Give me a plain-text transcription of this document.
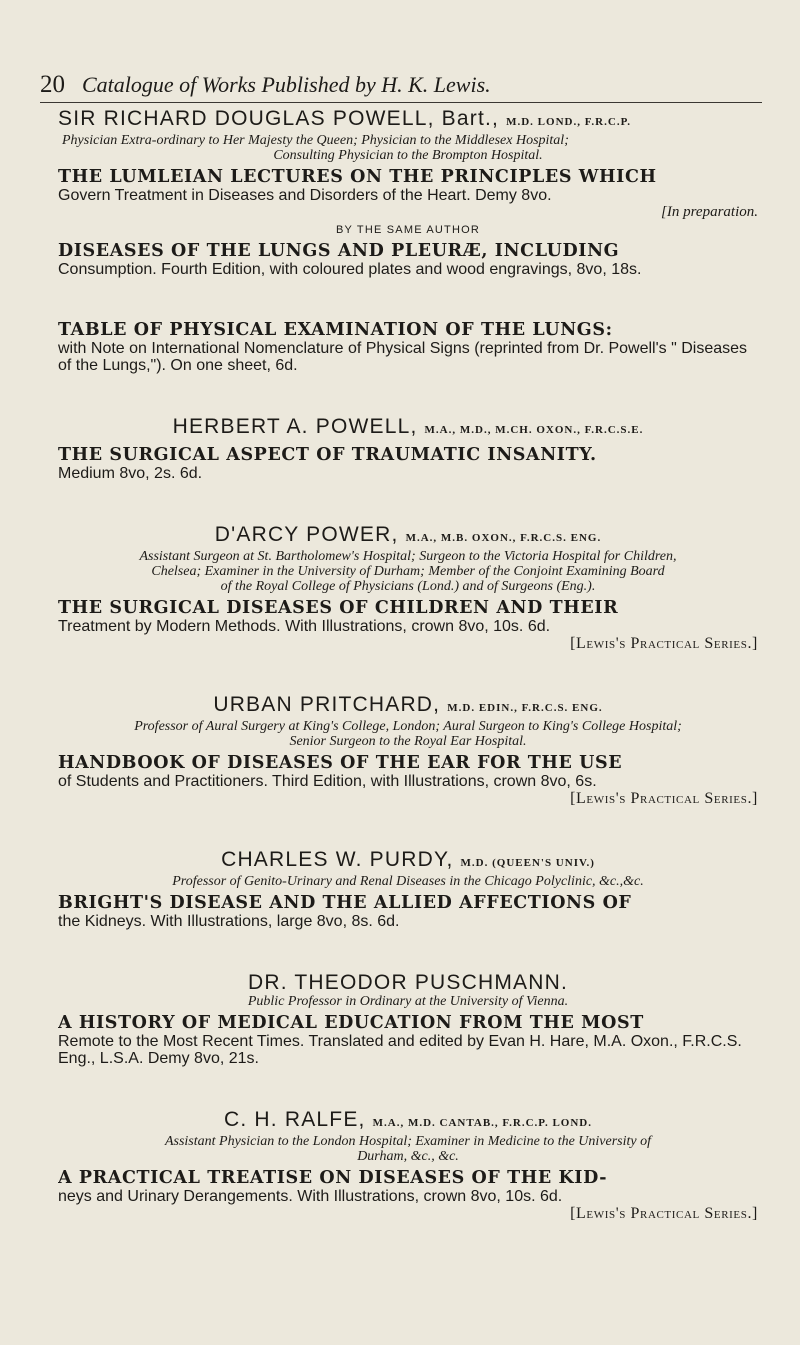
20 Catalogue of Works Published by H. K. Lewis.
SIR RICHARD DOUGLAS POWELL, Bart., M.D. LOND., F.R.C.P.
Physician Extra-ordinary to Her Majesty the Queen; Physician to the Middlesex Hospital;
Consulting Physician to the Brompton Hospital.
THE LUMLEIAN LECTURES ON THE PRINCIPLES WHICH
Govern Treatment in Diseases and Disorders of the Heart. Demy 8vo.
[In preparation.
BY THE SAME AUTHOR
DISEASES OF THE LUNGS AND PLEURÆ, INCLUDING
Consumption. Fourth Edition, with coloured plates and wood engravings, 8vo, 18s.
TABLE OF PHYSICAL EXAMINATION OF THE LUNGS:
with Note on International Nomenclature of Physical Signs (reprinted from Dr. Powell's " Diseases of the Lungs,"). On one sheet, 6d.
HERBERT A. POWELL, M.A., M.D., M.CH. OXON., F.R.C.S.E.
THE SURGICAL ASPECT OF TRAUMATIC INSANITY.
Medium 8vo, 2s. 6d.
D'ARCY POWER, M.A., M.B. OXON., F.R.C.S. ENG.
Assistant Surgeon at St. Bartholomew's Hospital; Surgeon to the Victoria Hospital for Children,
Chelsea; Examiner in the University of Durham; Member of the Conjoint Examining Board
of the Royal College of Physicians (Lond.) and of Surgeons (Eng.).
THE SURGICAL DISEASES OF CHILDREN AND THEIR
Treatment by Modern Methods. With Illustrations, crown 8vo, 10s. 6d.
[Lewis's Practical Series.]
URBAN PRITCHARD, M.D. EDIN., F.R.C.S. ENG.
Professor of Aural Surgery at King's College, London; Aural Surgeon to King's College Hospital;
Senior Surgeon to the Royal Ear Hospital.
HANDBOOK OF DISEASES OF THE EAR FOR THE USE
of Students and Practitioners. Third Edition, with Illustrations, crown 8vo, 6s.
[Lewis's Practical Series.]
CHARLES W. PURDY, M.D. (QUEEN'S UNIV.)
Professor of Genito-Urinary and Renal Diseases in the Chicago Polyclinic, &c.,&c.
BRIGHT'S DISEASE AND THE ALLIED AFFECTIONS OF
the Kidneys. With Illustrations, large 8vo, 8s. 6d.
DR. THEODOR PUSCHMANN.
Public Professor in Ordinary at the University of Vienna.
A HISTORY OF MEDICAL EDUCATION FROM THE MOST
Remote to the Most Recent Times. Translated and edited by Evan H. Hare, M.A. Oxon., F.R.C.S. Eng., L.S.A. Demy 8vo, 21s.
C. H. RALFE, M.A., M.D. CANTAB., F.R.C.P. LOND.
Assistant Physician to the London Hospital; Examiner in Medicine to the University of
Durham, &c., &c.
A PRACTICAL TREATISE ON DISEASES OF THE KID-
neys and Urinary Derangements. With Illustrations, crown 8vo, 10s. 6d.
[Lewis's Practical Series.]
